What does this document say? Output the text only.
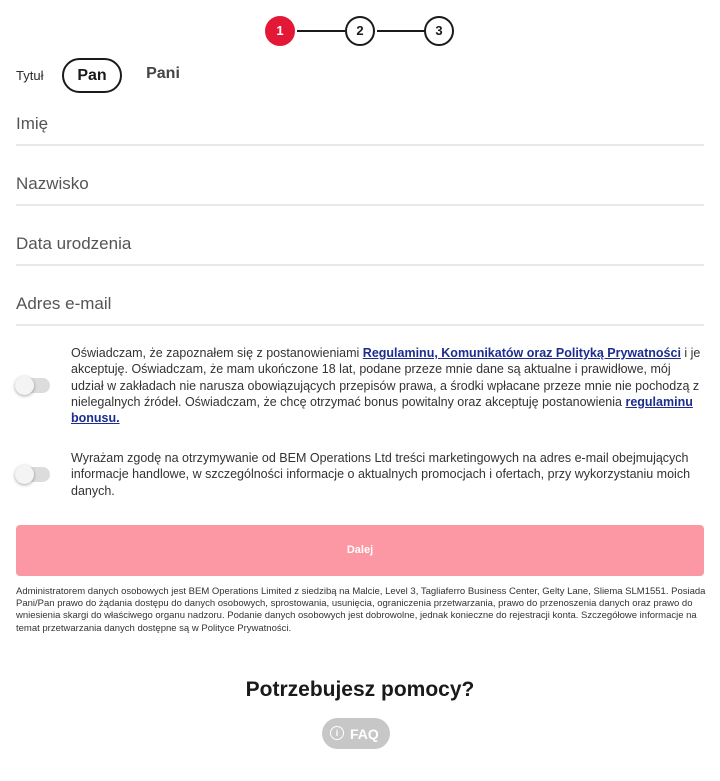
1	2	3
Tytuł	Pan	Pani
Imię
Nazwisko
Data urodzenia
Adres e-mail
Oświadczam, że zapoznałem się z postanowieniami Regulaminu, Komunikatów oraz Polityką Prywatności i je akceptuję. Oświadczam, że mam ukończone 18 lat, podane przeze mnie dane są aktualne i prawidłowe, mój udział w zakładach nie narusza obowiązujących przepisów prawa, a środki wpłacane przeze mnie nie pochodzą z nielegalnych źródeł. Oświadczam, że chcę otrzymać bonus powitalny oraz akceptuję postanowienia regulaminu bonusu.
Wyrażam zgodę na otrzymywanie od BEM Operations Ltd treści marketingowych na adres e-mail obejmujących informacje handlowe, w szczególności informacje o aktualnych promocjach i ofertach, przy wykorzystaniu moich danych.
Dalej
Administratorem danych osobowych jest BEM Operations Limited z siedzibą na Malcie, Level 3, Tagliaferro Business Center, Gelty Lane, Sliema SLM1551. Posiada Pani/Pan prawo do żądania dostępu do danych osobowych, sprostowania, usunięcia, ograniczenia przetwarzania, prawo do przenoszenia danych oraz prawo do wniesienia skargi do właściwego organu nadzoru. Podanie danych osobowych jest dobrowolne, jednak konieczne do rejestracji konta. Szczegółowe informacje na temat przetwarzania danych dostępne są w Polityce Prywatności.
Potrzebujesz pomocy?
i FAQ
